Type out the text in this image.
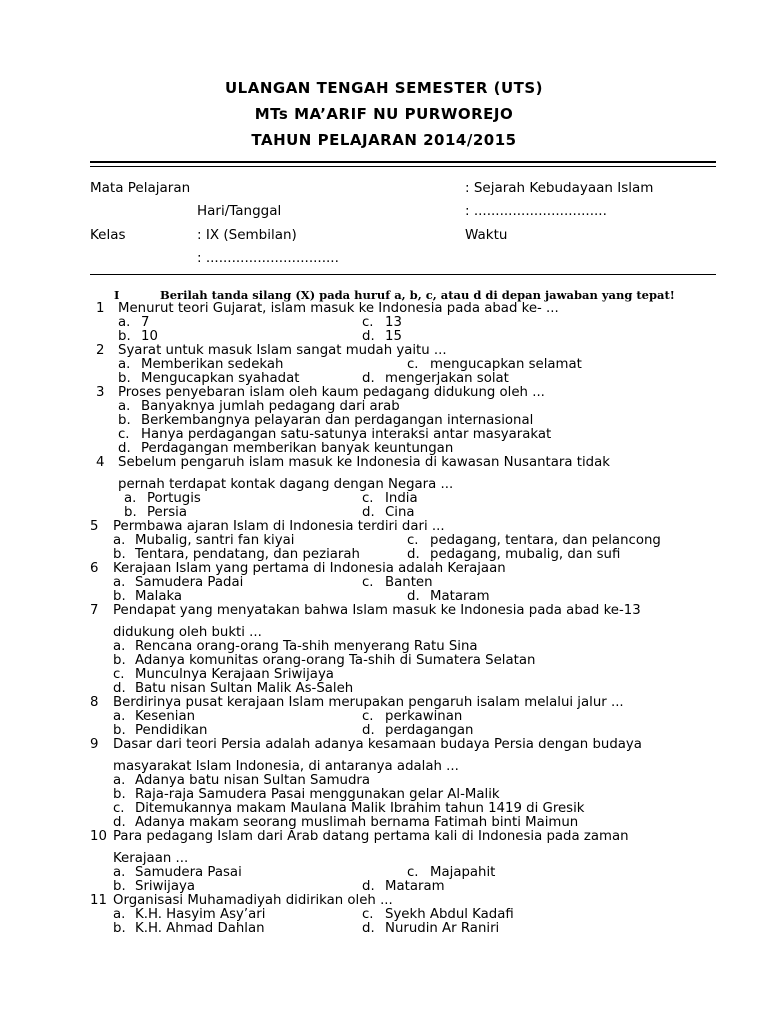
ULANGAN TENGAH SEMESTER (UTS)
MTs MA’ARIF NU PURWOREJO
TAHUN PELAJARAN 2014/2015
Mata Pelajaran	: Sejarah Kebudayaan Islam
Hari/Tanggal	: ...............................
Kelas	: IX (Sembilan)	Waktu
: ...............................
I	Berilah tanda silang (X) pada huruf a, b, c, atau d di depan jawaban yang tepat!
1 Menurut teori Gujarat, islam masuk ke Indonesia pada abad ke- ...
a. 7	c. 13
b. 10	d. 15
2 Syarat untuk masuk Islam sangat mudah yaitu ...
a. Memberikan sedekah	c. mengucapkan selamat
b. Mengucapkan syahadat	d. mengerjakan solat
3 Proses penyebaran islam oleh kaum pedagang didukung oleh ...
a. Banyaknya jumlah pedagang dari arab
b. Berkembangnya pelayaran dan perdagangan internasional
c. Hanya perdagangan satu-satunya interaksi antar masyarakat
d. Perdagangan memberikan banyak keuntungan
4 Sebelum pengaruh islam masuk ke Indonesia di kawasan Nusantara tidak
pernah terdapat kontak dagang dengan Negara ...
a. Portugis	c. India
b. Persia	d. Cina
5 Permbawa ajaran Islam di Indonesia terdiri dari ...
a. Mubalig, santri fan kiyai	c. pedagang, tentara, dan pelancong
b. Tentara, pendatang, dan peziarah	d. pedagang, mubalig, dan sufi
6 Kerajaan Islam yang pertama di Indonesia adalah Kerajaan
a. Samudera Padai	c. Banten
b. Malaka	d. Mataram
7 Pendapat yang menyatakan bahwa Islam masuk ke Indonesia pada abad ke-13
didukung oleh bukti ...
a. Rencana orang-orang Ta-shih menyerang Ratu Sina
b. Adanya komunitas orang-orang Ta-shih di Sumatera Selatan
c. Munculnya Kerajaan Sriwijaya
d. Batu nisan Sultan Malik As-Saleh
8 Berdirinya pusat kerajaan Islam merupakan pengaruh isalam melalui jalur ...
a. Kesenian	c. perkawinan
b. Pendidikan	d. perdagangan
9 Dasar dari teori Persia adalah adanya kesamaan budaya Persia dengan budaya
masyarakat Islam Indonesia, di antaranya adalah ...
a. Adanya batu nisan Sultan Samudra
b. Raja-raja Samudera Pasai menggunakan gelar Al-Malik
c. Ditemukannya makam Maulana Malik Ibrahim tahun 1419 di Gresik
d. Adanya makam seorang muslimah bernama Fatimah binti Maimun
10 Para pedagang Islam dari Arab datang pertama kali di Indonesia pada zaman
Kerajaan ...
a. Samudera Pasai	c. Majapahit
b. Sriwijaya	d. Mataram
11 Organisasi Muhamadiyah didirikan oleh ...
a. K.H. Hasyim Asy’ari	c. Syekh Abdul Kadafi
b. K.H. Ahmad Dahlan	d. Nurudin Ar Raniri
